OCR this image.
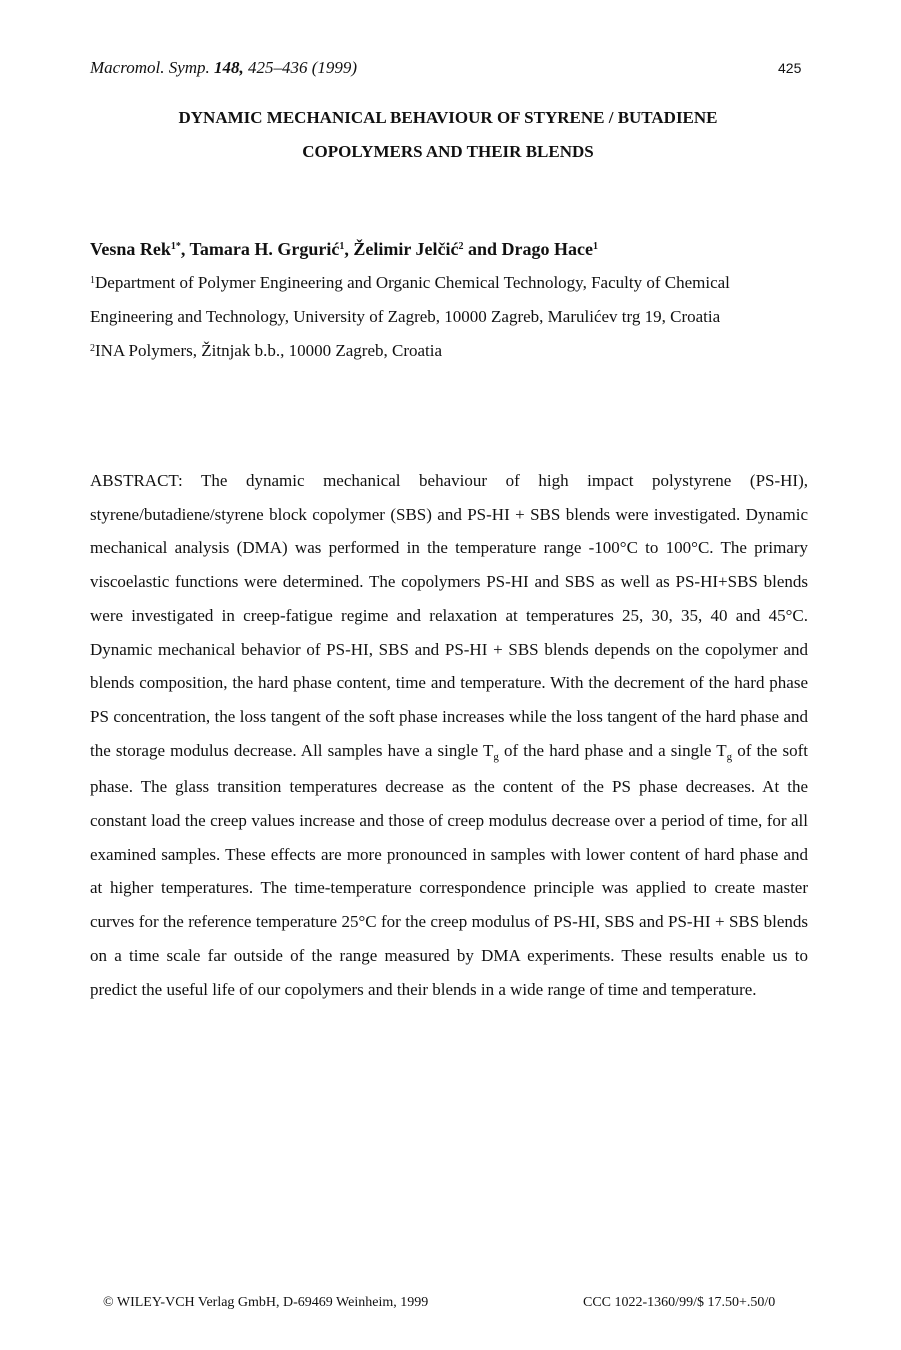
Macromol. Symp. 148, 425–436 (1999)	425
DYNAMIC MECHANICAL BEHAVIOUR OF STYRENE / BUTADIENE
COPOLYMERS AND THEIR BLENDS
Vesna Rek$^{1*}$, Tamara H. Grgurić$^1$, Želimir Jelčić$^2$ and Drago Hace$^1$
$^1$Department of Polymer Engineering and Organic Chemical Technology, Faculty of Chemical
Engineering and Technology, University of Zagreb, 10000 Zagreb, Marulićev trg 19, Croatia
$^2$INA Polymers, Žitnjak b.b., 10000 Zagreb, Croatia
ABSTRACT: The dynamic mechanical behaviour of high impact polystyrene (PS-HI), styrene/butadiene/styrene block copolymer (SBS) and PS-HI + SBS blends were investigated. Dynamic mechanical analysis (DMA) was performed in the temperature range -100°C to 100°C. The primary viscoelastic functions were determined. The copolymers PS-HI and SBS as well as PS-HI+SBS blends were investigated in creep-fatigue regime and relaxation at temperatures 25, 30, 35, 40 and 45°C. Dynamic mechanical behavior of PS-HI, SBS and PS-HI + SBS blends depends on the copolymer and blends composition, the hard phase content, time and temperature. With the decrement of the hard phase PS concentration, the loss tangent of the soft phase increases while the loss tangent of the hard phase and the storage modulus decrease. All samples have a single $T_g$ of the hard phase and a single $T_g$ of the soft phase. The glass transition temperatures decrease as the content of the PS phase decreases. At the constant load the creep values increase and those of creep modulus decrease over a period of time, for all examined samples. These effects are more pronounced in samples with lower content of hard phase and at higher temperatures. The time-temperature correspondence principle was applied to create master curves for the reference temperature 25°C for the creep modulus of PS-HI, SBS and PS-HI + SBS blends on a time scale far outside of the range measured by DMA experiments. These results enable us to predict the useful life of our copolymers and their blends in a wide range of time and temperature.
© WILEY-VCH Verlag GmbH, D-69469 Weinheim, 1999	CCC 1022-1360/99/$ 17.50+.50/0
